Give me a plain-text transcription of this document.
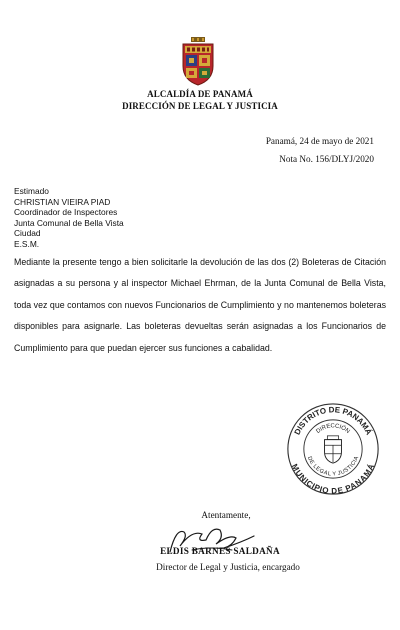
ALCALDÍA DE PANAMÁ
DIRECCIÓN DE LEGAL Y JUSTICIA
Panamá, 24 de mayo de 2021
Nota No. 156/DLYJ/2020
Estimado
CHRISTIAN VIEIRA PIAD
Coordinador de Inspectores
Junta Comunal de Bella Vista
Ciudad
E.S.M.

Mediante la presente tengo a bien solicitarle la devolución de las dos (2) Boleteras de Citación asignadas a su persona y al inspector Michael Ehrman, de la Junta Comunal de Bella Vista, toda vez que contamos con nuevos Funcionarios de Cumplimiento y no mantenemos boleteras disponibles para asignarle. Las boleteras devueltas serán asignadas a los Funcionarios de Cumplimiento para que puedan ejercer sus funciones a cabalidad.

DISTRITO DE PANAMÁ
MUNICIPIO DE PANAMÁ
DIRECCIÓN
DE LEGAL Y JUSTICIA
Atentamente,
ELDIS BARNES SALDAÑA
Director de Legal y Justicia, encargado
